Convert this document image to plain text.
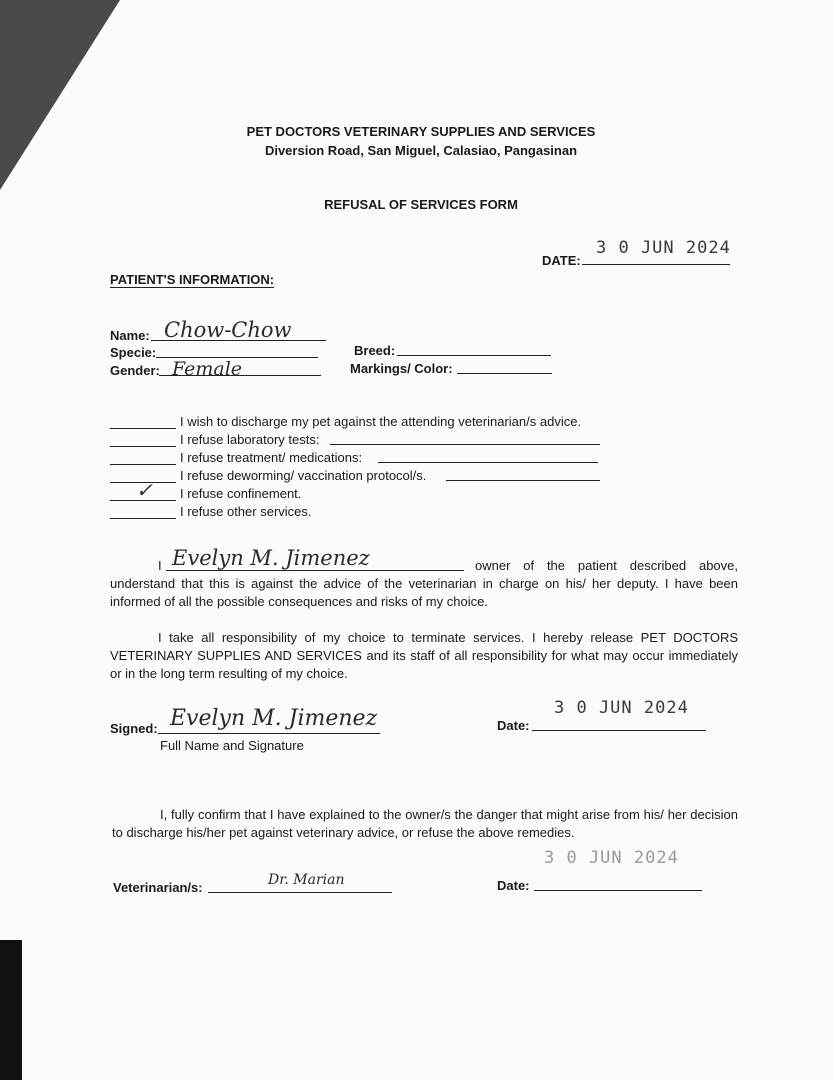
PET DOCTORS VETERINARY SUPPLIES AND SERVICES
Diversion Road, San Miguel, Calasiao, Pangasinan
REFUSAL OF SERVICES FORM
DATE:
3 0 JUN 2024
PATIENT'S INFORMATION:
Name: Chow-Chow
Specie:
Gender: Female
Breed:
Markings/ Color:
I wish to discharge my pet against the attending veterinarian/s advice.
I refuse laboratory tests:
I refuse treatment/ medications:
I refuse deworming/ vaccination protocol/s.
✓ I refuse confinement.
I refuse other services.
I Evelyn M. Jimenez	owner of the patient described above,
understand that this is against the advice of the veterinarian in charge on his/ her deputy. I have been informed of all the possible consequences and risks of my choice.
I take all responsibility of my choice to terminate services. I hereby release PET DOCTORS VETERINARY SUPPLIES AND SERVICES and its staff of all responsibility for what may occur immediately or in the long term resulting of my choice.
Signed: Evelyn M. Jimenez
Full Name and Signature
Date:
3 0 JUN 2024
I, fully confirm that I have explained to the owner/s the danger that might arise from his/ her decision to discharge his/her pet against veterinary advice, or refuse the above remedies.
Veterinarian/s:	Dr. Marian	Date:
3 0 JUN 2024
